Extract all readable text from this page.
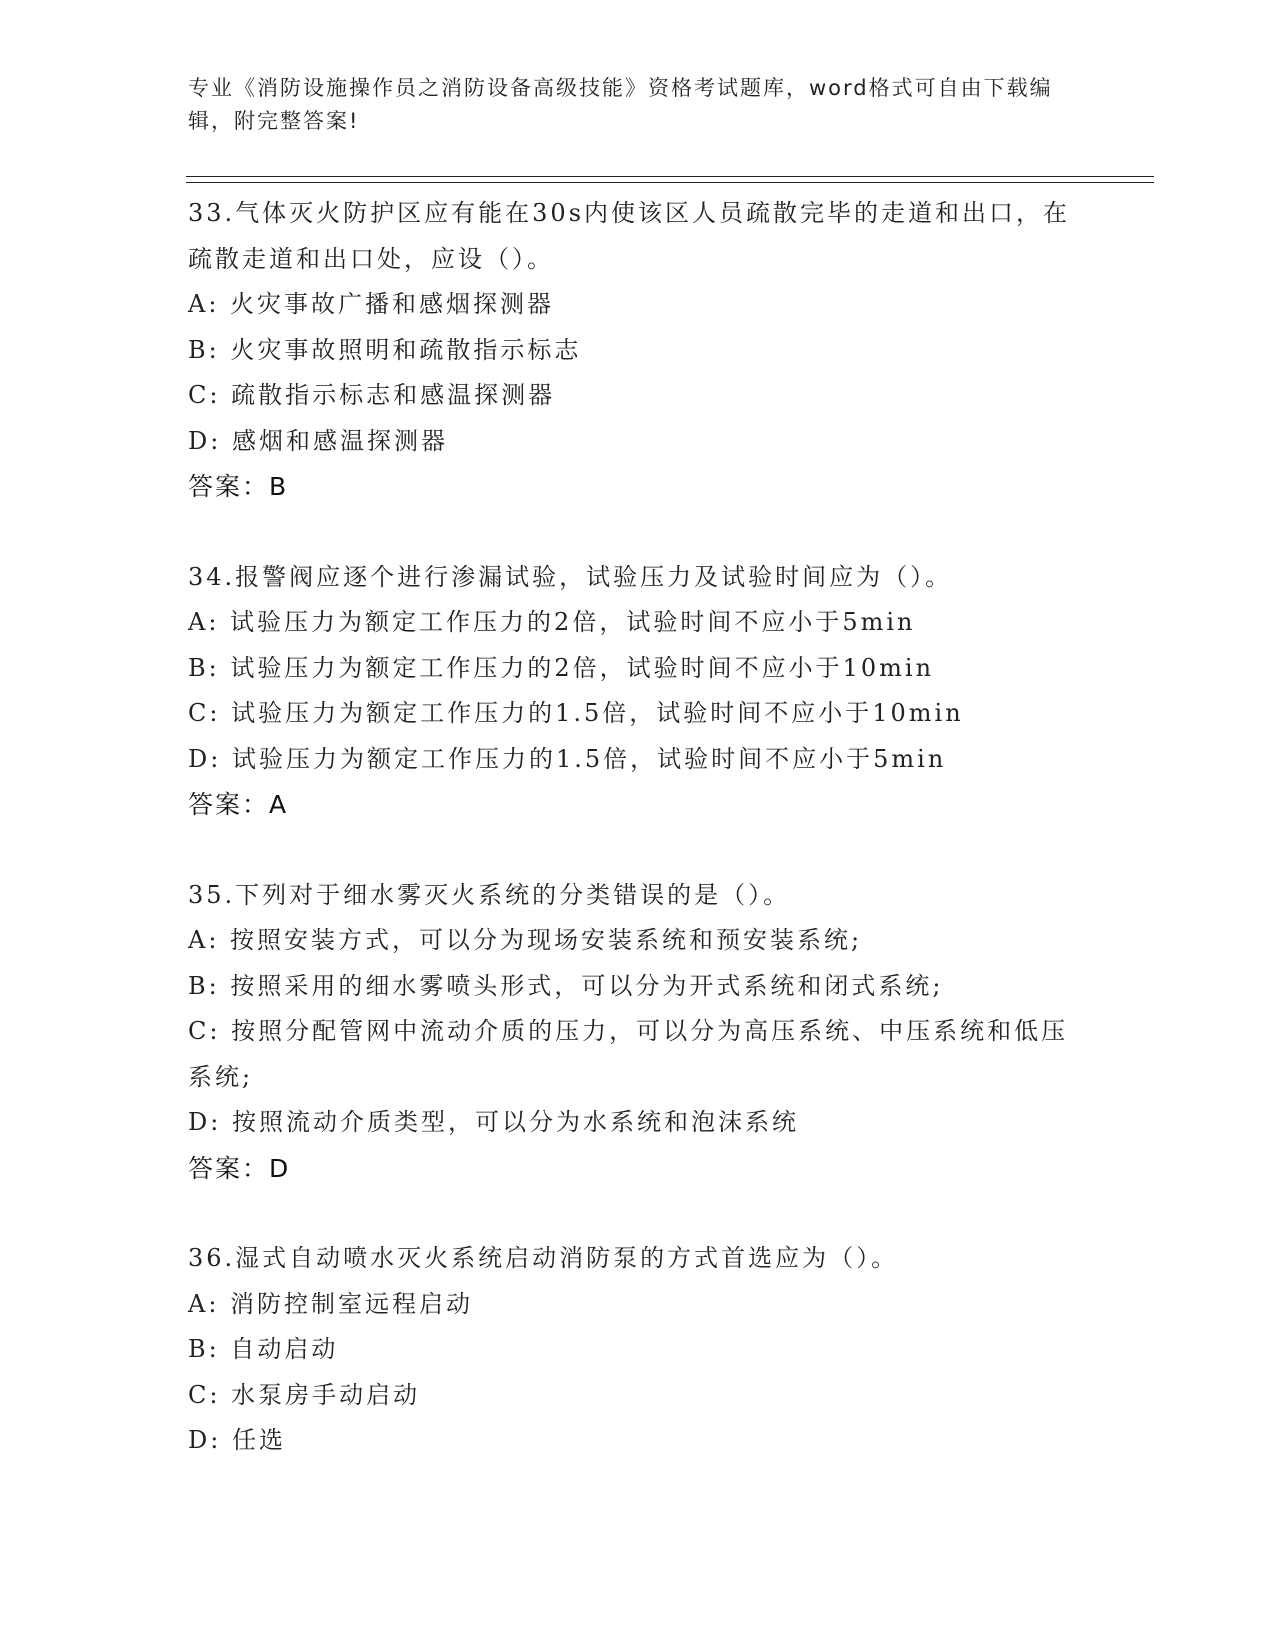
专业《消防设施操作员之消防设备高级技能》资格考试题库，word格式可自由下载编辑，附完整答案!

33.气体灭火防护区应有能在30s内使该区人员疏散完毕的走道和出口，在疏散走道和出口处，应设（）。

A: 火灾事故广播和感烟探测器
B: 火灾事故照明和疏散指示标志
C: 疏散指示标志和感温探测器
D: 感烟和感温探测器
答案：B

34.报警阀应逐个进行渗漏试验，试验压力及试验时间应为（）。

A: 试验压力为额定工作压力的2倍，试验时间不应小于5min
B: 试验压力为额定工作压力的2倍，试验时间不应小于10min
C: 试验压力为额定工作压力的1.5倍，试验时间不应小于10min
D: 试验压力为额定工作压力的1.5倍，试验时间不应小于5min
答案：A

35.下列对于细水雾灭火系统的分类错误的是（）。

A: 按照安装方式，可以分为现场安装系统和预安装系统;
B: 按照采用的细水雾喷头形式，可以分为开式系统和闭式系统;
C: 按照分配管网中流动介质的压力，可以分为高压系统、中压系统和低压系统;
D: 按照流动介质类型，可以分为水系统和泡沫系统
答案：D

36.湿式自动喷水灭火系统启动消防泵的方式首选应为（）。

A: 消防控制室远程启动
B: 自动启动
C: 水泵房手动启动
D: 任选
